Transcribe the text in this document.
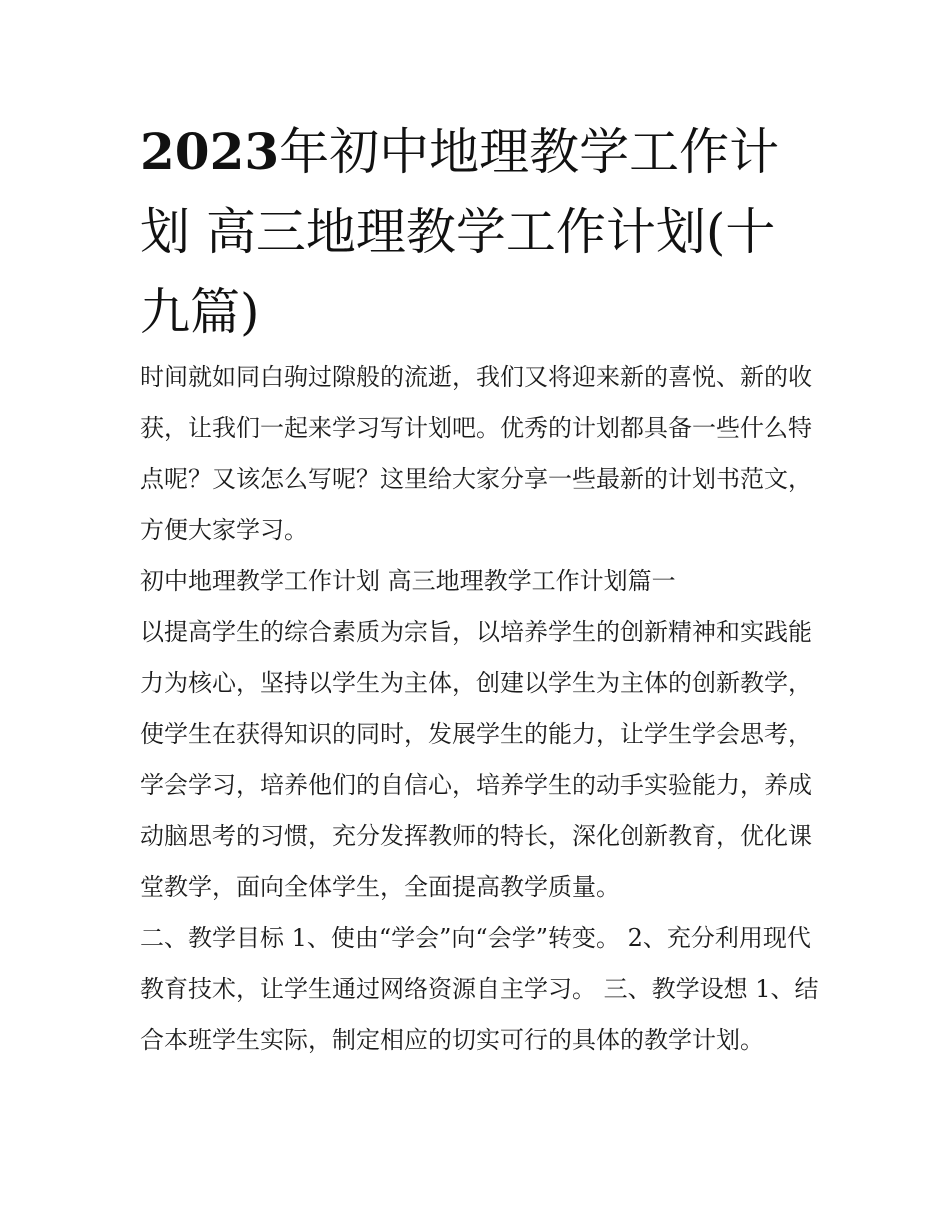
2023年初中地理教学工作计划 高三地理教学工作计划(十九篇)

时间就如同白驹过隙般的流逝，我们又将迎来新的喜悦、新的收获，让我们一起来学习写计划吧。优秀的计划都具备一些什么特点呢？又该怎么写呢？这里给大家分享一些最新的计划书范文，方便大家学习。

初中地理教学工作计划 高三地理教学工作计划篇一

以提高学生的综合素质为宗旨，以培养学生的创新精神和实践能力为核心，坚持以学生为主体，创建以学生为主体的创新教学，使学生在获得知识的同时，发展学生的能力，让学生学会思考，学会学习，培养他们的自信心，培养学生的动手实验能力，养成动脑思考的习惯，充分发挥教师的特长，深化创新教育，优化课堂教学，面向全体学生，全面提高教学质量。

二、教学目标 1、使由“学会”向“会学”转变。 2、充分利用现代教育技术，让学生通过网络资源自主学习。 三、教学设想 1、结合本班学生实际，制定相应的切实可行的具体的教学计划。
